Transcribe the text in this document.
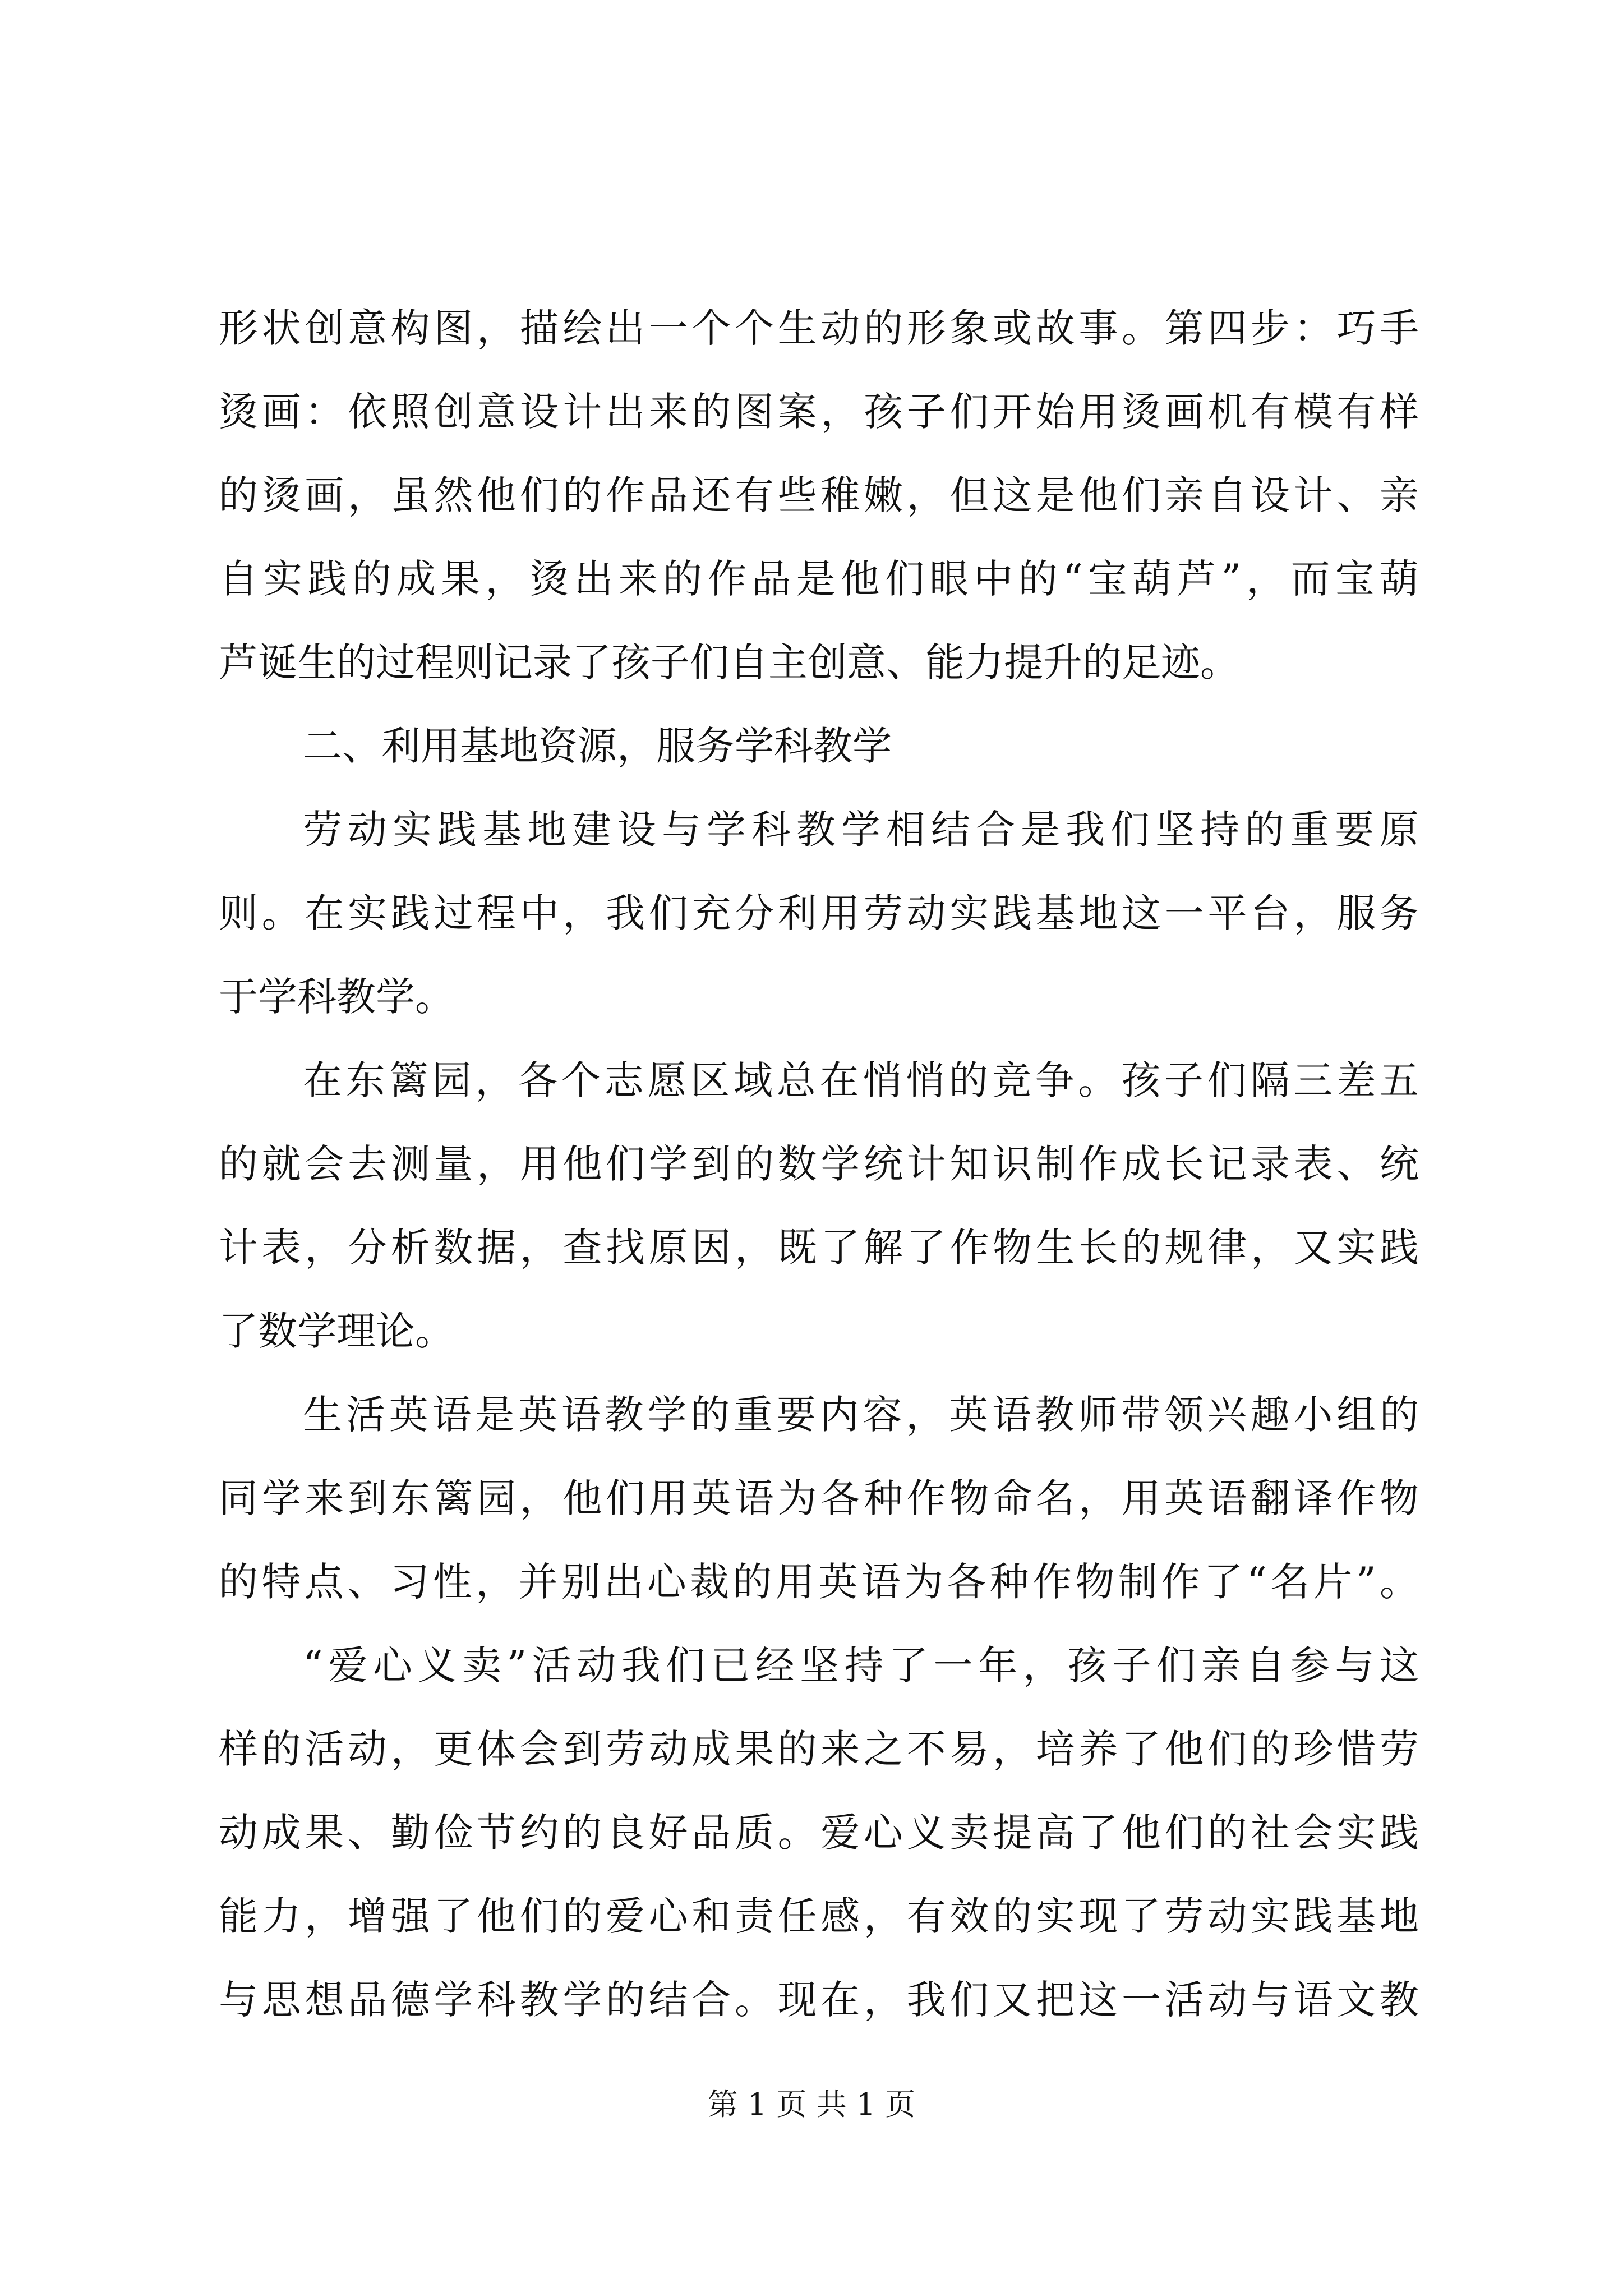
形状创意构图，描绘出一个个生动的形象或故事。第四步：巧手
烫画：依照创意设计出来的图案，孩子们开始用烫画机有模有样
的烫画，虽然他们的作品还有些稚嫩，但这是他们亲自设计、亲
自实践的成果，烫出来的作品是他们眼中的“宝葫芦”，而宝葫
芦诞生的过程则记录了孩子们自主创意、能力提升的足迹。
二、利用基地资源，服务学科教学
劳动实践基地建设与学科教学相结合是我们坚持的重要原
则。在实践过程中，我们充分利用劳动实践基地这一平台，服务
于学科教学。
在东篱园，各个志愿区域总在悄悄的竞争。孩子们隔三差五
的就会去测量，用他们学到的数学统计知识制作成长记录表、统
计表，分析数据，查找原因，既了解了作物生长的规律，又实践
了数学理论。
生活英语是英语教学的重要内容，英语教师带领兴趣小组的
同学来到东篱园，他们用英语为各种作物命名，用英语翻译作物
的特点、习性，并别出心裁的用英语为各种作物制作了“名片”。
“爱心义卖”活动我们已经坚持了一年，孩子们亲自参与这
样的活动，更体会到劳动成果的来之不易，培养了他们的珍惜劳
动成果、勤俭节约的良好品质。爱心义卖提高了他们的社会实践
能力，增强了他们的爱心和责任感，有效的实现了劳动实践基地
与思想品德学科教学的结合。现在，我们又把这一活动与语文教
第 1 页 共 1 页
